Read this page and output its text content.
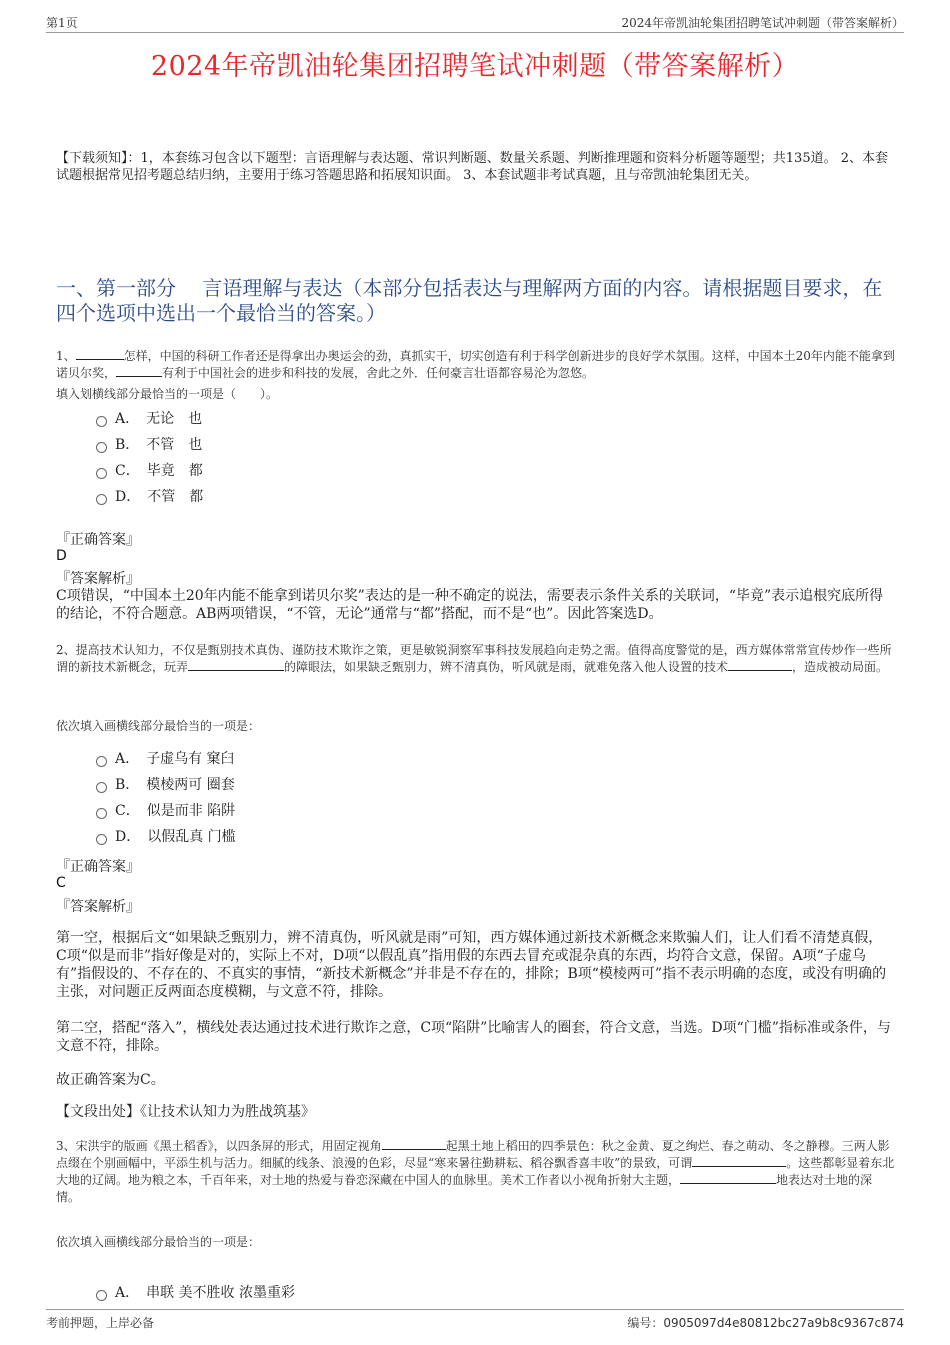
第1页	2024年帝凯油轮集团招聘笔试冲刺题（带答案解析）
2024年帝凯油轮集团招聘笔试冲刺题（带答案解析）
【下载须知】：1，本套练习包含以下题型：言语理解与表达题、常识判断题、数量关系题、判断推理题和资料分析题等题型；共135道。 2、本套试题根据常见招考题总结归纳，主要用于练习答题思路和拓展知识面。 3、本套试题非考试真题，且与帝凯油轮集团无关。
一、第一部分　 言语理解与表达（本部分包括表达与理解两方面的内容。请根据题目要求，在四个选项中选出一个最恰当的答案。）
1、	怎样，中国的科研工作者还是得拿出办奥运会的劲，真抓实干，切实创造有利于科学创新进步的良好学术氛围。这样，中国本土20年内能不能拿到诺贝尔奖，	有利于中国社会的进步和科技的发展，舍此之外．任何豪言壮语都容易沦为忽悠。
填入划横线部分最恰当的一项是（　　）。
A．　无论　也
B．　不管　也
C．　毕竟　都
D．　不管　都
『正确答案』
D
『答案解析』
C项错误，“中国本土20年内能不能拿到诺贝尔奖”表达的是一种不确定的说法，需要表示条件关系的关联词，“毕竟”表示追根究底所得的结论，不符合题意。AB两项错误，“不管，无论”通常与“都”搭配，而不是“也”。因此答案选D。
2、提高技术认知力，不仅是甄别技术真伪、谨防技术欺诈之策，更是敏锐洞察军事科技发展趋向走势之需。值得高度警觉的是，西方媒体常常宣传炒作一些所谓的新技术新概念，玩弄	的障眼法，如果缺乏甄别力，辨不清真伪，听风就是雨，就难免落入他人设置的技术	，造成被动局面。
依次填入画横线部分最恰当的一项是：
A．　子虚乌有 窠臼
B．　模棱两可 圈套
C．　似是而非 陷阱
D．　以假乱真 门槛
『正确答案』
C
『答案解析』
第一空，根据后文“如果缺乏甄别力，辨不清真伪，听风就是雨”可知，西方媒体通过新技术新概念来欺骗人们，让人们看不清楚真假，C项“似是而非”指好像是对的，实际上不对，D项“以假乱真”指用假的东西去冒充或混杂真的东西，均符合文意，保留。A项“子虚乌有”指假设的、不存在的、不真实的事情，“新技术新概念”并非是不存在的，排除；B项“模棱两可”指不表示明确的态度，或没有明确的主张，对问题正反两面态度模糊，与文意不符，排除。
第二空，搭配“落入”，横线处表达通过技术进行欺诈之意，C项“陷阱”比喻害人的圈套，符合文意，当选。D项“门槛”指标准或条件，与文意不符，排除。
故正确答案为C。
【文段出处】《让技术认知力为胜战筑基》
3、宋洪宇的版画《黑土稻香》，以四条屏的形式，用固定视角	起黑土地上稻田的四季景色：秋之金黄、夏之绚烂、春之萌动、冬之静穆。三两人影点缀在个别画幅中，平添生机与活力。细腻的线条、浪漫的色彩，尽显“寒来暑往勤耕耘、稻谷飘香喜丰收”的景致，可谓	。这些都彰显着东北大地的辽阔。地为粮之本，千百年来，对土地的热爱与眷恋深藏在中国人的血脉里。美术工作者以小视角折射大主题，	地表达对土地的深情。
依次填入画横线部分最恰当的一项是：
A．　串联 美不胜收 浓墨重彩
考前押题，上岸必备	编号：0905097d4e80812bc27a9b8c9367c874
